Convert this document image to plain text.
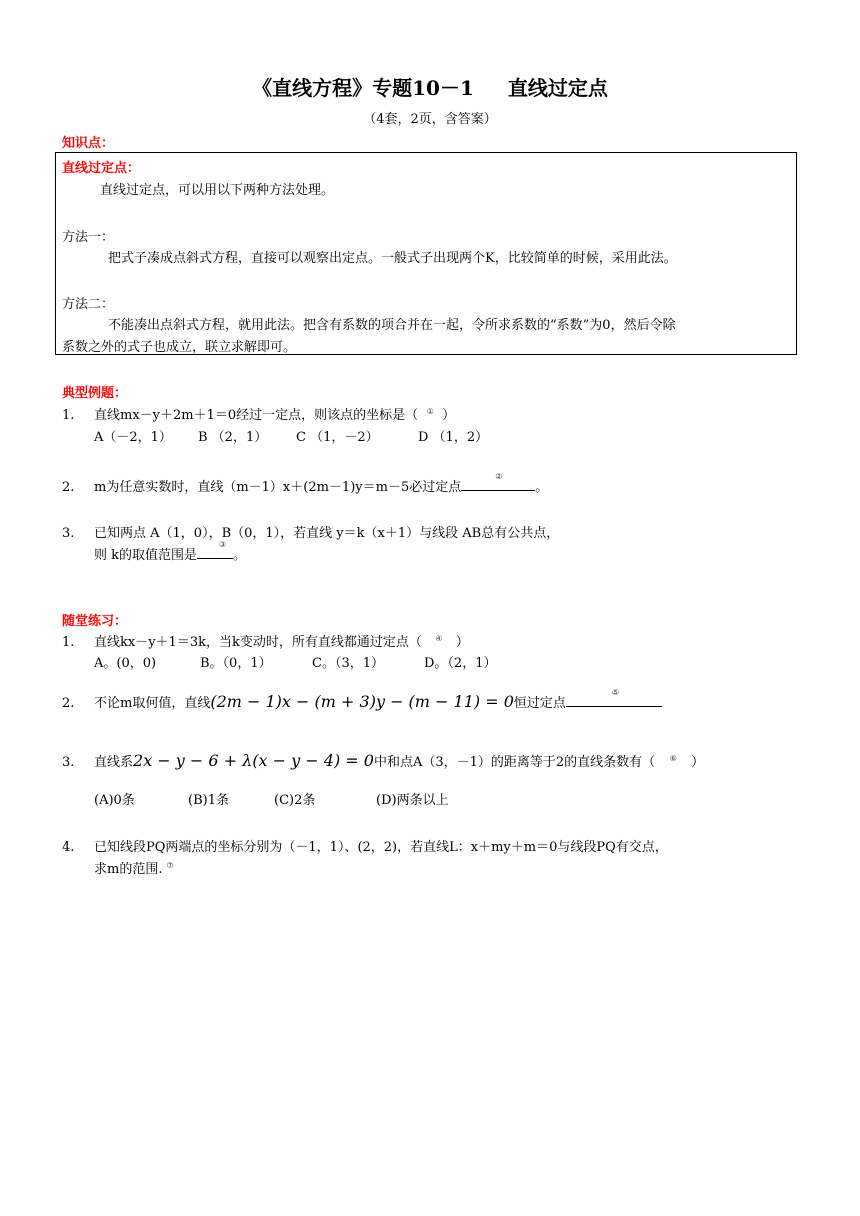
《直线方程》专题10－1 直线过定点
（4套，2页，含答案）
知识点：
直线过定点：
直线过定点，可以用以下两种方法处理。
方法一：
把式子凑成点斜式方程，直接可以观察出定点。一般式子出现两个K，比较简单的时候，采用此法。
方法二：
不能凑出点斜式方程，就用此法。把含有系数的项合并在一起，令所求系数的“系数”为0，然后令除
系数之外的式子也成立，联立求解即可。
典型例题：
1. 直线mx－y＋2m＋1＝0经过一定点，则该点的坐标是（ ① ）
A（－2，1） B （2，1） C （1，－2）	D （1，2）
2. m为任意实数时，直线（m－1）x＋(2m－1)y＝m－5必过定点
②
。
3. 已知两点 A（1，0），B（0，1），若直线 y＝k（x＋1）与线段 AB总有公共点，
则 k的取值范围是
③
。
随堂练习：
1. 直线kx－y＋1＝3k，当k变动时，所有直线都通过定点（ ④ ）
A。(0，0)	B。（0，1）	C。（3，1）	D。（2，1）
2. 不论m取何值，直线(2m − 1)x − (m + 3)y − (m − 11) = 0恒过定点
⑤
3. 直线系2x − y − 6 + λ(x − y − 4) = 0中和点A（3，－1）的距离等于2的直线条数有（ ⑥ ）
(A)0条	(B)1条	(C)2条	(D)两条以上
4. 已知线段PQ两端点的坐标分别为（－1，1）、(2，2)，若直线L：x＋my＋m＝0与线段PQ有交点，
求m的范围. ⑦
